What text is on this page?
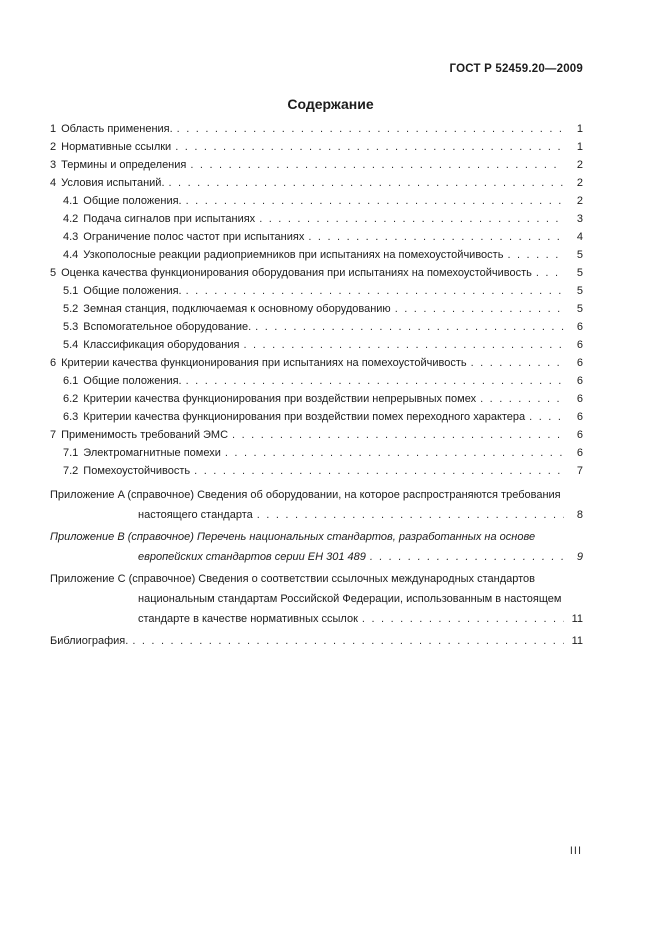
ГОСТ Р 52459.20—2009
Содержание
1 Область применения. .....	1
2 Нормативные ссылки .....	1
3 Термины и определения .....	2
4 Условия испытаний. .....	2
4.1 Общие положения. .....	2
4.2 Подача сигналов при испытаниях .....	3
4.3 Ограничение полос частот при испытаниях .....	4
4.4 Узкополосные реакции радиоприемников при испытаниях на помехоустойчивость .....	5
5 Оценка качества функционирования оборудования при испытаниях на помехоустойчивость .....	5
5.1 Общие положения. .....	5
5.2 Земная станция, подключаемая к основному оборудованию .....	5
5.3 Вспомогательное оборудование. .....	6
5.4 Классификация оборудования .....	6
6 Критерии качества функционирования при испытаниях на помехоустойчивость .....	6
6.1 Общие положения. .....	6
6.2 Критерии качества функционирования при воздействии непрерывных помех .....	6
6.3 Критерии качества функционирования при воздействии помех переходного характера .....	6
7 Применимость требований ЭМС .....	6
7.1 Электромагнитные помехи .....	6
7.2 Помехоустойчивость .....	7
Приложение A (справочное) Сведения об оборудовании, на которое распространяются требования
настоящего стандарта .....	8
Приложение B (справочное) Перечень национальных стандартов, разработанных на основе
европейских стандартов серии ЕН 301 489 .....	9
Приложение C (справочное) Сведения о соответствии ссылочных международных стандартов
национальным стандартам Российской Федерации, использованным в настоящем
стандарте в качестве нормативных ссылок .....	11
Библиография. .....	11
III
